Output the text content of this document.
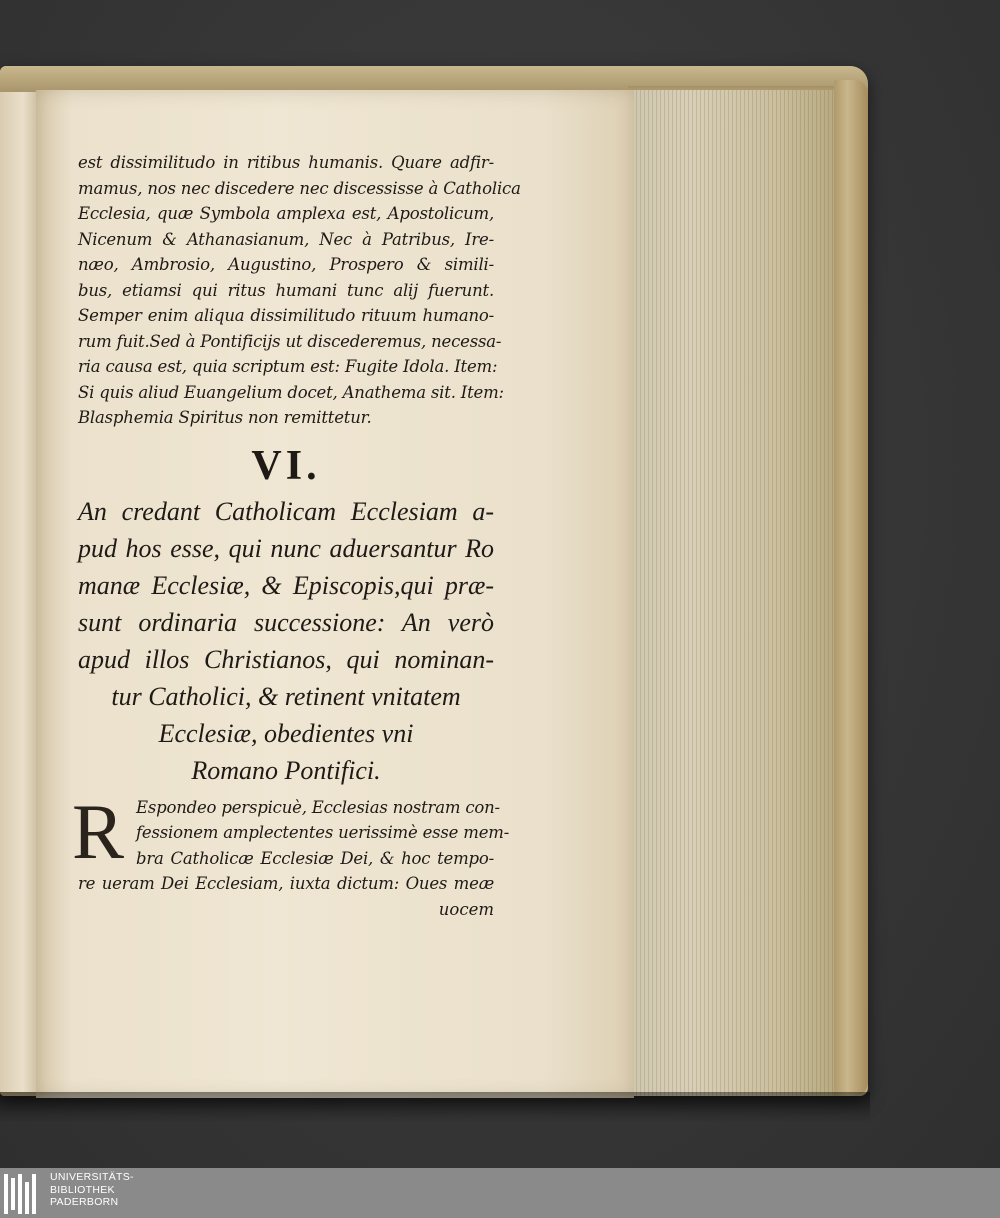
est dissimilitudo in ritibus humanis. Quare adfir-
mamus, nos nec discedere nec discessisse à Catholica
Ecclesia, quæ Symbola amplexa est, Apostolicum,
Nicenum & Athanasianum, Nec à Patribus, Ire-
næo, Ambrosio, Augustino, Prospero & simili-
bus, etiamsi qui ritus humani tunc alij fuerunt.
Semper enim aliqua dissimilitudo rituum humano-
rum fuit.Sed à Pontificijs ut discederemus, necessa-
ria causa est, quia scriptum est: Fugite Idola. Item:
Si quis aliud Euangelium docet, Anathema sit. Item:
Blasphemia Spiritus non remittetur.
VI.
An credant Catholicam Ecclesiam a-
pud hos esse, qui nunc aduersantur Ro
manæ Ecclesiæ, & Episcopis,qui præ-
sunt ordinaria successione: An verò
apud illos Christianos, qui nominan-
tur Catholici, & retinent vnitatem
Ecclesiæ, obedientes vni
Romano Pontifici.
R Espondeo perspicuè, Ecclesias nostram con-
fessionem amplectentes uerissimè esse mem-
bra Catholicæ Ecclesiæ Dei, & hoc tempo-
re ueram Dei Ecclesiam, iuxta dictum: Oues meæ
uocem
UNIVERSITÄTS-
BIBLIOTHEK
PADERBORN
